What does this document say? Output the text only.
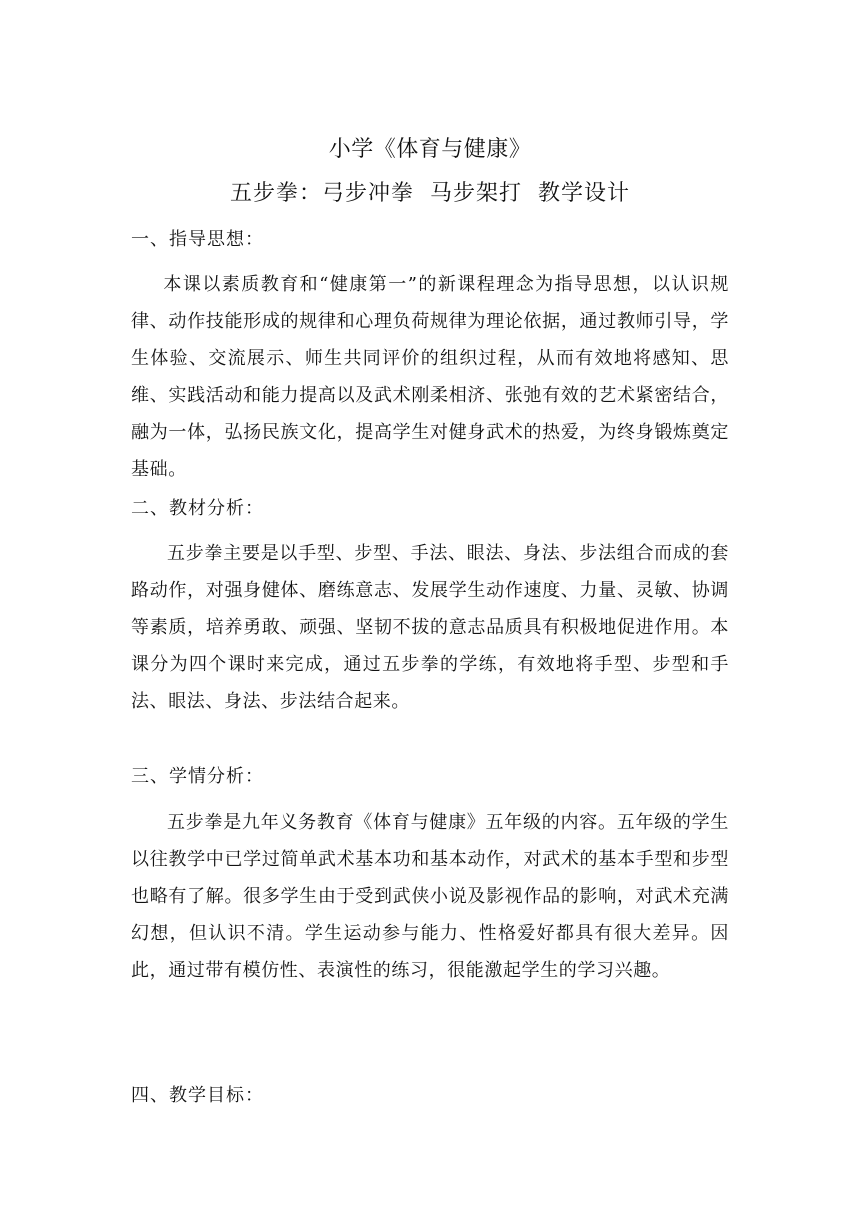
小学《体育与健康》
五步拳：弓步冲拳  马步架打  教学设计
一、指导思想：
本课以素质教育和“健康第一”的新课程理念为指导思想，以认识规律、动作技能形成的规律和心理负荷规律为理论依据，通过教师引导，学生体验、交流展示、师生共同评价的组织过程，从而有效地将感知、思维、实践活动和能力提高以及武术刚柔相济、张弛有效的艺术紧密结合，融为一体，弘扬民族文化，提高学生对健身武术的热爱，为终身锻炼奠定基础。
二、教材分析：
五步拳主要是以手型、步型、手法、眼法、身法、步法组合而成的套路动作，对强身健体、磨练意志、发展学生动作速度、力量、灵敏、协调等素质，培养勇敢、顽强、坚韧不拔的意志品质具有积极地促进作用。本课分为四个课时来完成，通过五步拳的学练，有效地将手型、步型和手法、眼法、身法、步法结合起来。
三、学情分析：
五步拳是九年义务教育《体育与健康》五年级的内容。五年级的学生以往教学中已学过简单武术基本功和基本动作，对武术的基本手型和步型也略有了解。很多学生由于受到武侠小说及影视作品的影响，对武术充满幻想，但认识不清。学生运动参与能力、性格爱好都具有很大差异。因此，通过带有模仿性、表演性的练习，很能激起学生的学习兴趣。
四、教学目标：
